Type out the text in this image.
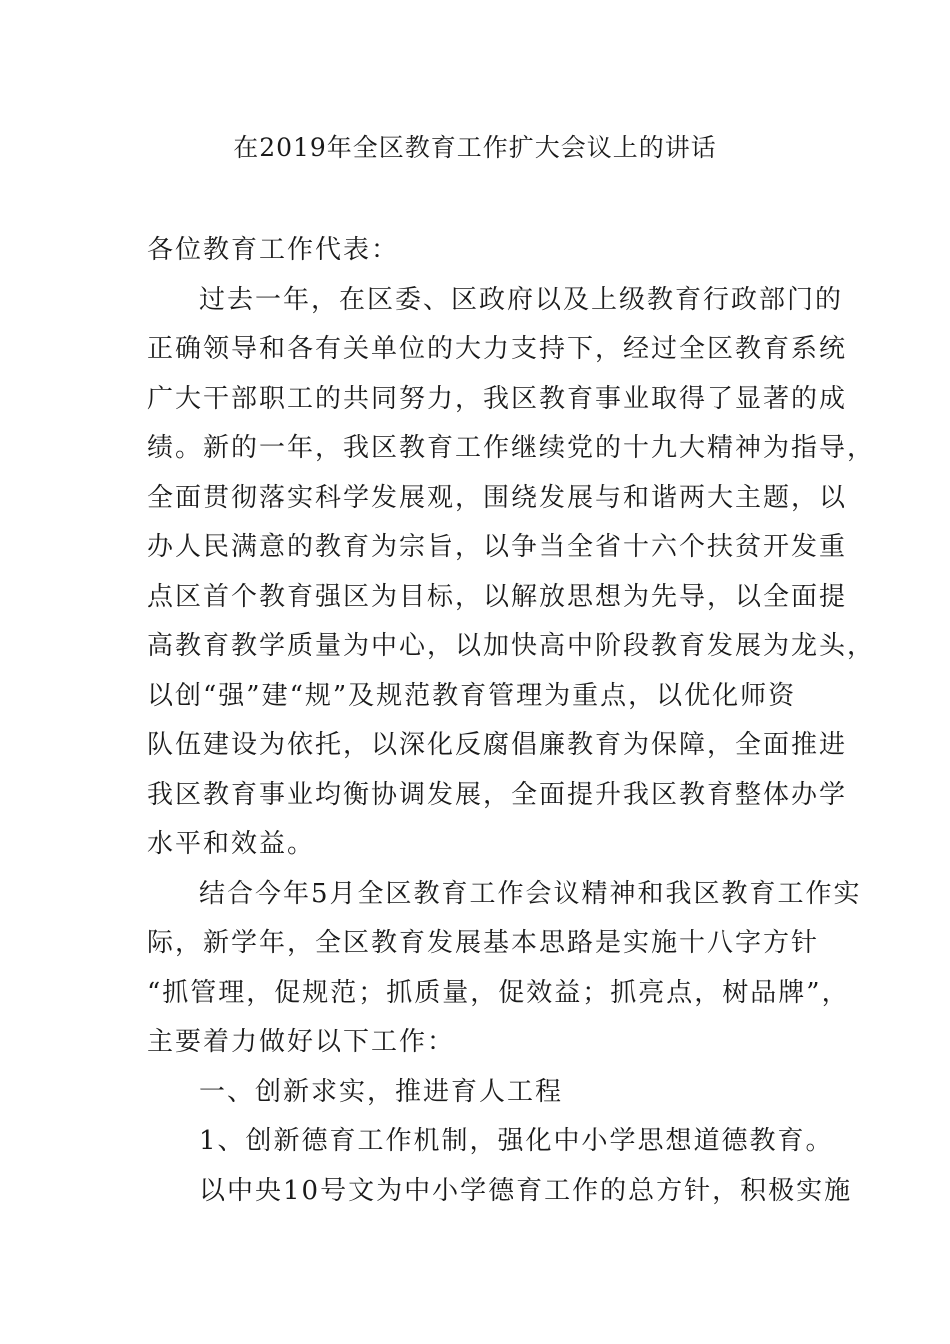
在2019年全区教育工作扩大会议上的讲话
各位教育工作代表：
过去一年，在区委、区政府以及上级教育行政部门的
正确领导和各有关单位的大力支持下，经过全区教育系统
广大干部职工的共同努力，我区教育事业取得了显著的成
绩。新的一年，我区教育工作继续党的十九大精神为指导，
全面贯彻落实科学发展观，围绕发展与和谐两大主题，以
办人民满意的教育为宗旨，以争当全省十六个扶贫开发重
点区首个教育强区为目标，以解放思想为先导，以全面提
高教育教学质量为中心，以加快高中阶段教育发展为龙头，
以创“强”建“规”及规范教育管理为重点，以优化师资
队伍建设为依托，以深化反腐倡廉教育为保障，全面推进
我区教育事业均衡协调发展，全面提升我区教育整体办学
水平和效益。
结合今年5月全区教育工作会议精神和我区教育工作实
际，新学年，全区教育发展基本思路是实施十八字方针
“抓管理，促规范；抓质量，促效益；抓亮点，树品牌”，
主要着力做好以下工作：
一、创新求实，推进育人工程
1、创新德育工作机制，强化中小学思想道德教育。
以中央10号文为中小学德育工作的总方针，积极实施
